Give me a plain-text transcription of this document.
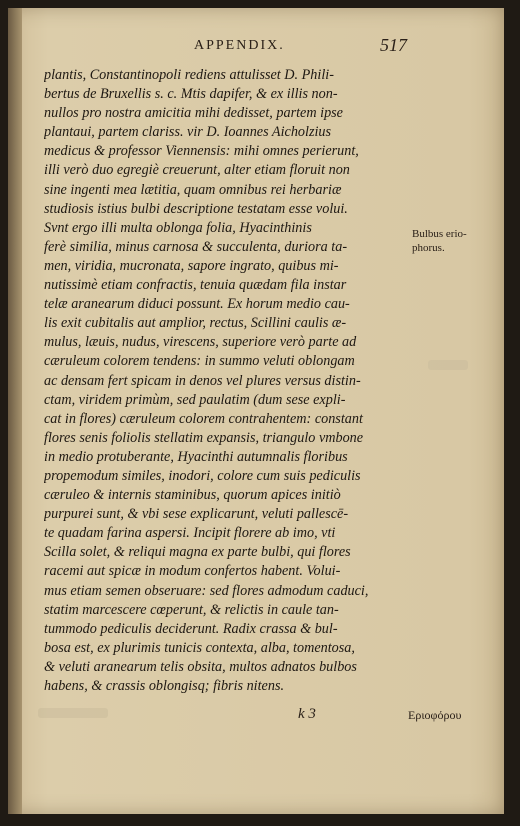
APPENDIX.	517
plantis, Constantinopoli rediens attulisset D. Phili-
bertus de Bruxellis s. c. Mtis dapifer, & ex illis non-
nullos pro nostra amicitia mihi dedisset, partem ipse
plantaui, partem clariss. vir D. Ioannes Aicholzius
medicus & professor Viennensis: mihi omnes perierunt,
illi verò duo egregiè creuerunt, alter etiam floruit non
sine ingenti mea lætitia, quam omnibus rei herbariæ
studiosis istius bulbi descriptione testatam esse volui.
Svnt ergo illi multa oblonga folia, Hyacinthinis
ferè similia, minus carnosa & succulenta, duriora ta-
men, viridia, mucronata, sapore ingrato, quibus mi-
nutissimè etiam confractis, tenuia quædam fila instar
telæ aranearum diduci possunt. Ex horum medio cau-
lis exit cubitalis aut amplior, rectus, Scillini caulis æ-
mulus, læuis, nudus, virescens, superiore verò parte ad
cæruleum colorem tendens: in summo veluti oblongam
ac densam fert spicam in denos vel plures versus distin-
ctam, viridem primùm, sed paulatim (dum sese expli-
cat in flores) cæruleum colorem contrahentem: constant
flores senis foliolis stellatim expansis, triangulo vmbone
in medio protuberante, Hyacinthi autumnalis floribus
propemodum similes, inodori, colore cum suis pediculis
cæruleo & internis staminibus, quorum apices initiò
purpurei sunt, & vbi sese explicarunt, veluti pallescē-
te quadam farina aspersi. Incipit florere ab imo, vti
Scilla solet, & reliqui magna ex parte bulbi, qui flores
racemi aut spicæ in modum confertos habent. Volui-
mus etiam semen obseruare: sed flores admodum caduci,
statim marcescere cœperunt, & relictis in caule tan-
tummodo pediculis deciderunt. Radix crassa & bul-
bosa est, ex plurimis tunicis contexta, alba, tomentosa,
& veluti aranearum telis obsita, multos adnatos bulbos
habens, & crassis oblongisq; fibris nitens.
Bulbus erio-
phorus.
k 3	Εριοφόρου
